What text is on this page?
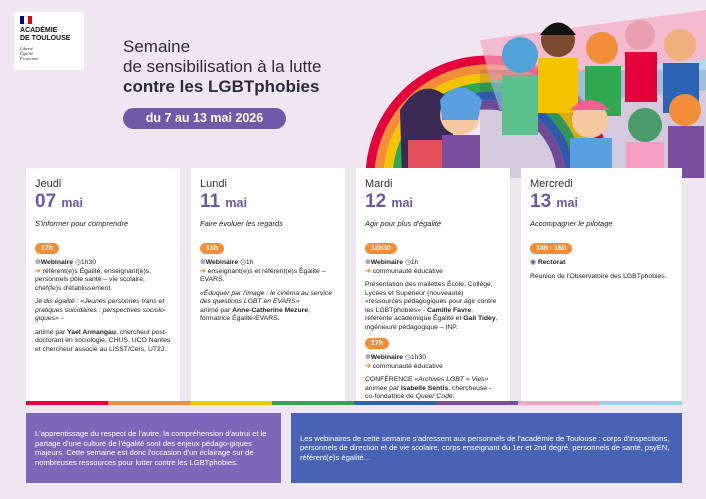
ACADÉMIE
DE TOULOUSE
Liberté
Égalité
Fraternité
Semaine
de sensibilisation à la lutte
contre les LGBTphobies
du 7 au 13 mai 2026
Jeudi
07 mai
S'informer pour comprendre
17h
⊕Webinaire ◷1h30
➔ référent(e)s Égalité, enseignant(e)s, personnels pôle santé – vie scolaire, chef(fe)s d'établissement
Je dis égalité : «Jeunes personnes trans et pratiques suicidaires : perspectives sociolo-giques» -
animé par Yael Armangau, chercheur post-doctorant en sociologie, CHUS, UCO Nantes et chercheur associé au LISST/Cers, UT2J.
Lundi
11 mai
Faire évoluer les regards
13h
⊕Webinaire ◷1h
➔ enseignant(e)s et référent(e)s Égalité – EVARS.
«Éduquer par l'image : le cinéma au service des questions LGBT en EVARS»
animé par Anne-Catherine Mezure, formatrice Égalité-EVARS.
Mardi
12 mai
Agir pour plus d'égalité
12h30
⊕Webinaire ◷1h
➔ communauté éducative
Présentation des mallettes École, Collège, Lycées et Supérieur (nouveauté) «ressources pédagogiques pour agir contre les LGBTphobies» - Camille Favre, référente académique Égalité et Gail Tidey, ingénieure pédagogique – INP.
17h
⊕Webinaire ◷1h30
➔ communauté éducative
CONFÉRENCE «Archives LGBT « Vies» animée par Isabelle Sentis, chercheuse - co-fondatrice de Queer Code.
Mercredi
13 mai
Accompagner le pilotage
14h - 16h
◉ Rectorat
Réunion de l'Observatoire des LGBTphobies.
L'apprentissage du respect de l'autre, la compréhension d'autrui et le partage d'une culture de l'égalité sont des enjeux pédago-giques majeurs. Cette semaine est donc l'occasion d'un éclairage sur de nombreuses ressources pour lutter contre les LGBTphobies.
Les webinaires de cette semaine s'adressent aux personnels de l'académie de Toulouse : corps d'inspections, personnels de direction et de vie scolaire, corps enseignant du 1er et 2nd degré, personnels de santé, psyEN, référent(e)s égalité...
